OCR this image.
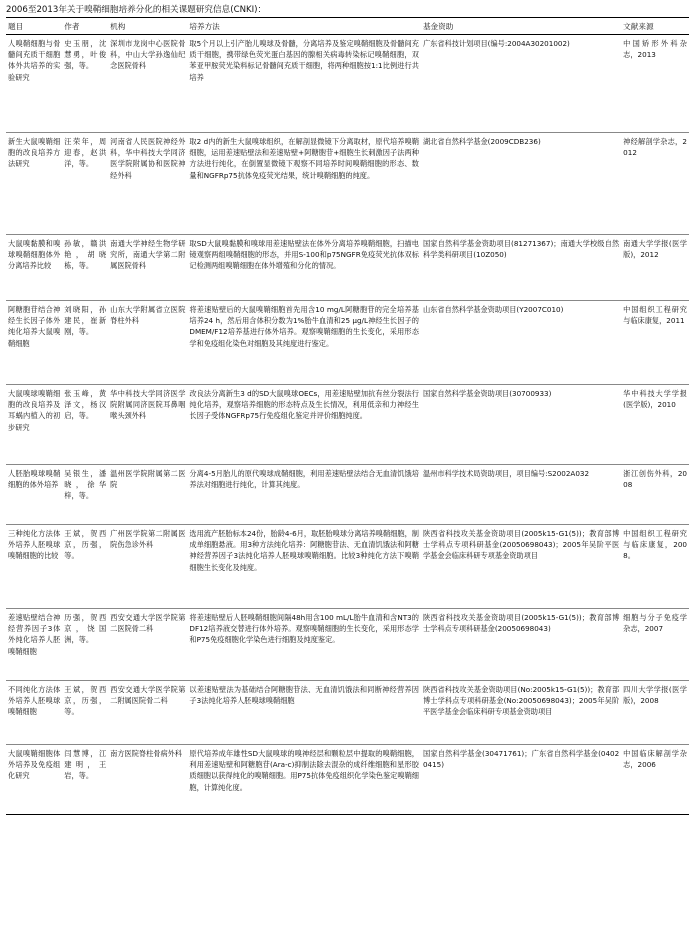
2006至2013年关于嗅鞘细胞培养分化的相关课题研究信息(CNKI)：
题目	作者	机构	培养方法	基金资助	文献来源
人嗅鞘细胞与骨髓间充质干细胞体外共培养的实验研究	史玉朋，沈慧勇，叶俊强，等。	深圳市龙岗中心医院骨科，中山大学孙逸仙纪念医院骨科	取5个月以上引产胎儿嗅球及骨髓，分离培养及鉴定嗅鞘细胞及骨髓间充质干细胞，携带绿色荧光蛋白基因的腺相关病毒转染标记嗅鞘细胞，双苯亚甲胺荧光染料标记骨髓间充质干细胞，将两种细胞按1:1比例进行共培养	广东省科技计划项目(编号:2004A30201002)	中国矫形外科杂志，2013
新生大鼠嗅鞘细胞的改良培养方法研究	汪荣年，周迎春，赵洪洋，等。	河南省人民医院神经外科，华中科技大学同济医学院附属协和医院神经外科	取2 d内的新生大鼠嗅球组织，在解剖显微镜下分离取材，原代培养嗅鞘细胞，运用差速贴壁法和差速贴壁+阿糖胞苷+细胞生长刺激因子法两种方法进行纯化，在倒置显微镜下观察不同培养时间嗅鞘细胞的形态、数量和NGFRp75抗体免疫荧光结果，统计嗅鞘细胞的纯度。	湖北省自然科学基金(2009CDB236)	神经解剖学杂志，2012
大鼠嗅黏膜和嗅球嗅鞘细胞体外分离培养比较	孙敏，赣洪艳，胡晓栋，等。	南通大学神经生物学研究所，南通大学第二附属医院骨科	取SD大鼠嗅黏膜和嗅球用差速贴壁法在体外分离培养嗅鞘细胞，扫描电镜观察两组嗅鞘细胞的形态，并用S-100和p75NGFR免疫荧光抗体双标记检测两组嗅鞘细胞在体外增殖和分化的情况。	国家自然科学基金资助项目(81271367)；南通大学校级自然科学类科研项目(10Z050)	南通大学学报(医学版)，2012
阿糖胞苷结合神经生长因子体外纯化培养大鼠嗅鞘细胞	刘晓阳，孙建民，崔新刚，等。	山东大学附属省立医院脊柱外科	将差速贴壁后的大鼠嗅鞘细胞首先用含10 mg/L阿糖胞苷的完全培养基培养24 h，然后用含体积分数为1%胎牛血清和25 μg/L神经生长因子的DMEM/F12培养基进行体外培养。观察嗅鞘细胞的生长变化，采用形态学和免疫组化染色对细胞及其纯度进行鉴定。	山东省自然科学基金资助项目(Y2007C010)	中国组织工程研究与临床康复，2011
大鼠嗅球嗅鞘细胞的改良培养及耳蜗内植入的初步研究	张玉峰，黄泽文，杨汉启，等。	华中科技大学同济医学院附属同济医院耳鼻咽喉头颈外科	改良法分离新生3 d的SD大鼠嗅球OECs，用差速贴壁加抗有丝分裂法行纯化培养，观察培养细胞的形态特点及生长情况，利用低亲和力神经生长因子受体NGFRp75行免疫组化鉴定并评价细胞纯度。	国家自然科学基金资助项目(30700933)	华中科技大学学报(医学版)，2010
人胚胎嗅球嗅鞘细胞的体外培养	吴银生，潘晓，徐华梓，等。	温州医学院附属第二医院	分离4-5月胎儿的原代嗅球成鞘细胞，利用差速贴壁法结合无血清饥饿培养法对细胞进行纯化，计算其纯度。	温州市科学技术局资助项目，项目编号:S2002A032	浙江创伤外科，2008
三种纯化方法体外培养人胚嗅球嗅鞘细胞的比较	王斌，贺西京，历强，等。	广州医学院第二附属医院伤急诊外科	选用流产胚胎标本24份，胎龄4-6月，取胚胎嗅球分离培养嗅鞘细胞，制成单细胞悬液。用3种方法纯化培养：阿糖胞苷法、无血清饥饿法和阿糖神经营养因子3法纯化培养人胚嗅球嗅鞘细胞。比较3种纯化方法下嗅鞘细胞生长变化及纯度。	陕西省科技攻关基金资助项目(2005k15-G1(5))；教育部博士学科点专项科研基金(20050698043)；2005年吴阶平医学基金会临床科研专项基金资助项目	中国组织工程研究与临床康复，2008。
差速贴壁结合神经营养因子3体外纯化培养人胚嗅鞘细胞	历强，贺西京，饶国洲，等。	西安交通大学医学院第二医院骨二科	将差速贴壁后人胚嗅鞘细胞间隔48h用含100 mL/L胎牛血清和含NT3的DF12培养液交替进行体外培养。观察嗅鞘细胞的生长变化，采用形态学和P75免疫细胞化学染色进行细胞及纯度鉴定。	陕西省科技攻关基金资助项目(2005k15-G1(5))；教育部博士学科点专项科研基金(20050698043)	细胞与分子免疫学杂志，2007
不同纯化方法体外培养人胚嗅球嗅鞘细胞	王斌，贺西京，历强，等。	西安交通大学医学院第二附属医院骨二科	以差速贴壁法为基础结合阿糖胞苷法、无血清饥饿法和同断神经营养因子3法纯化培养人胚嗅球嗅鞘细胞	陕西省科技攻关基金资助项目(No:2005k15-G1(5))；教育部博士学科点专项科研基金(No:20050698043)；2005年吴阶平医学基金会临床科研专项基金资助项目	四川大学学报(医学版)，2008
大鼠嗅鞘细胞体外培养及免疫组化研究	闫慧博，江建明，王岩，等。	南方医院脊柱骨病外科	原代培养成年雄性SD大鼠嗅球的嗅神经层和颗粒层中提取的嗅鞘细胞，利用差速贴壁和阿糖胞苷(Ara-c)抑制法除去混杂的成纤维细胞和星形胶质细胞以获得纯化的嗅鞘细胞。用P75抗体免疫组织化学染色鉴定嗅鞘细胞，计算纯化度。	国家自然科学基金(30471761)；广东省自然科学基金(04020415)	中国临床解剖学杂志，2006
